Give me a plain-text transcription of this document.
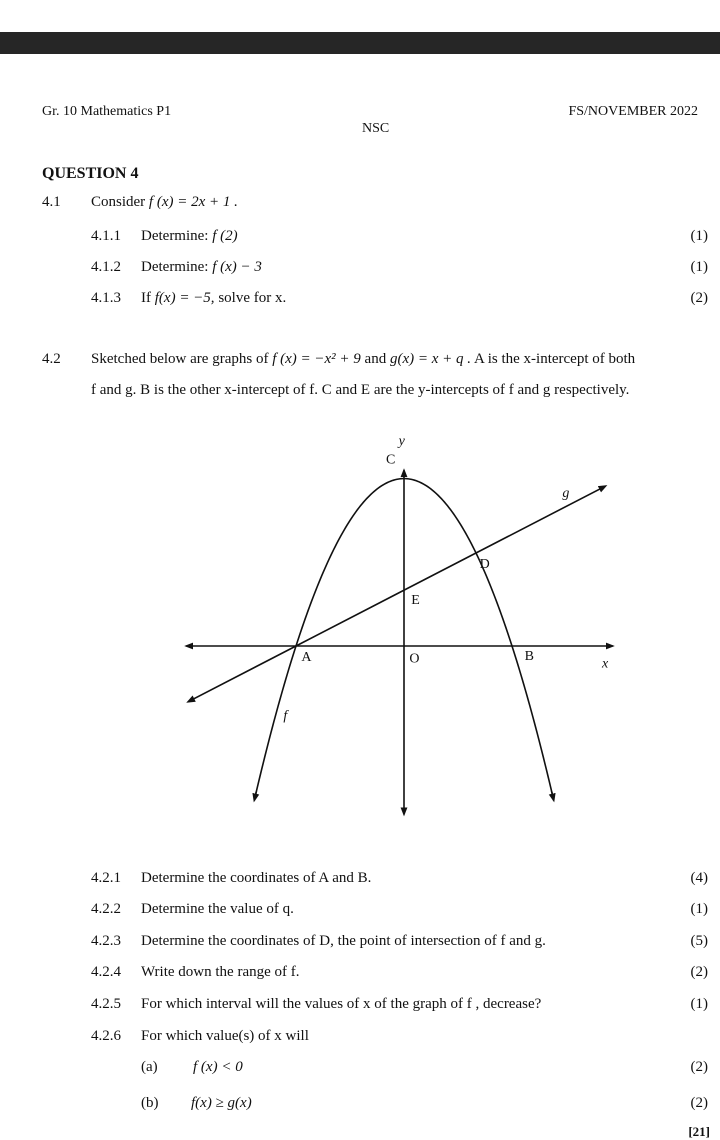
Gr. 10 Mathematics P1	FS/NOVEMBER 2022
NSC
QUESTION 4
4.1 Consider f (x) = 2x + 1 .
4.1.1 Determine: f (2)	(1)
4.1.2 Determine: f (x) − 3	(1)
4.1.3 If f(x) = −5, solve for x.	(2)
4.2 Sketched below are graphs of f (x) = −x² + 9 and g(x) = x + q . A is the x-intercept of both
f and g. B is the other x-intercept of f. C and E are the y-intercepts of f and g respectively.
y
x
C
D
E
A	O	B
f
g
4.2.1 Determine the coordinates of A and B.	(4)
4.2.2 Determine the value of q.	(1)
4.2.3 Determine the coordinates of D, the point of intersection of f and g.	(5)
4.2.4 Write down the range of f.	(2)
4.2.5 For which interval will the values of x of the graph of f , decrease?	(1)
4.2.6 For which value(s) of x will
(a) f (x) < 0	(2)
(b) f(x) ≥ g(x)	(2)
[21]
